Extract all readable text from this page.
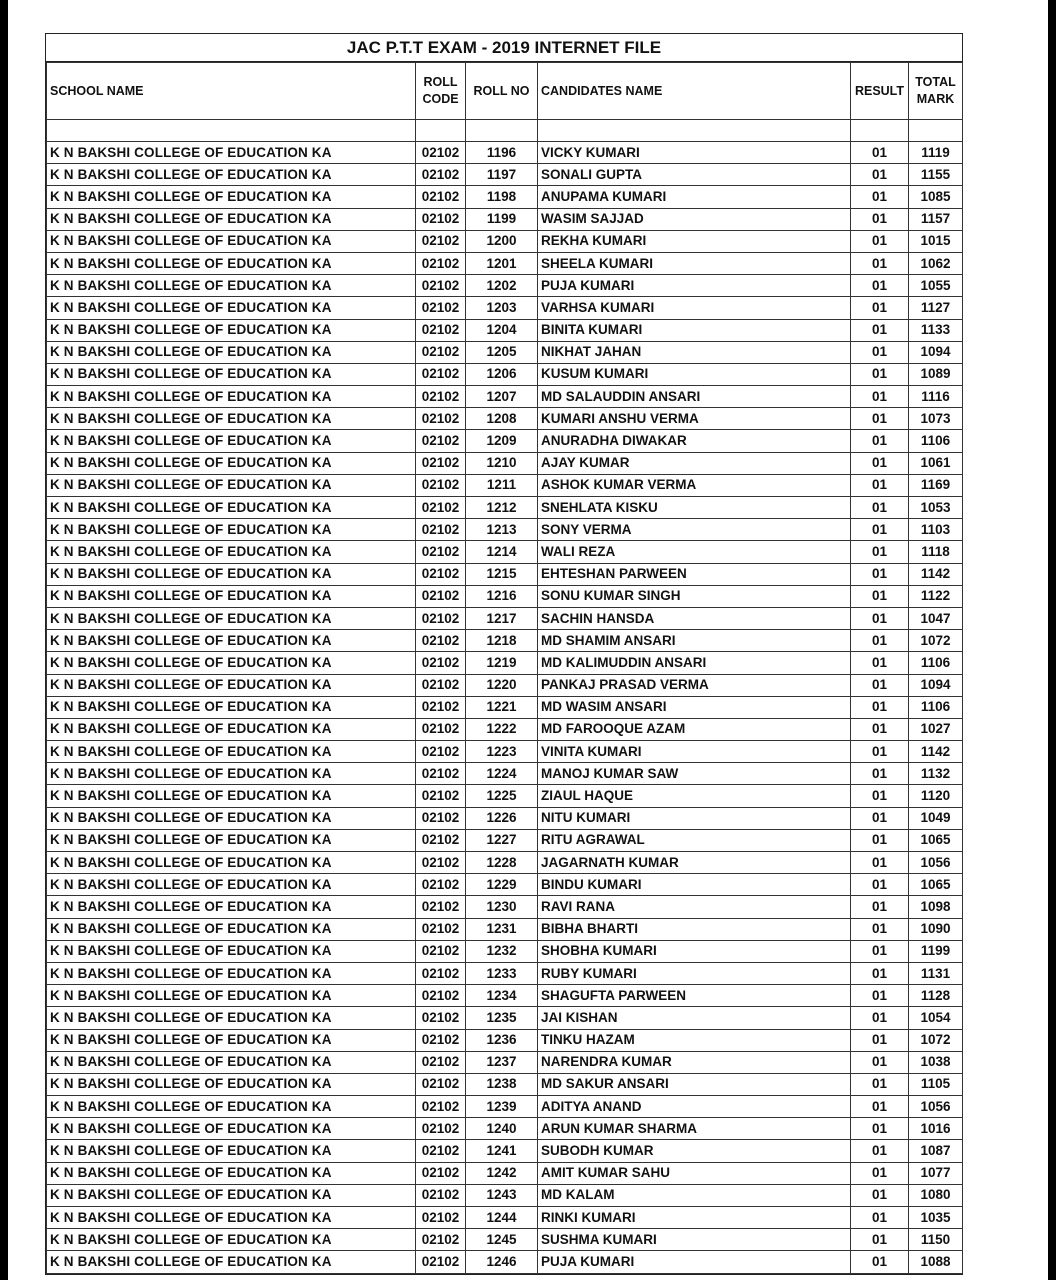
JAC P.T.T EXAM - 2019 INTERNET FILE
SCHOOL NAME	ROLL CODE	ROLL NO	CANDIDATES NAME	RESULT	TOTAL MARK

K N BAKSHI COLLEGE OF EDUCATION KA	02102	1196	VICKY KUMARI	01	1119
K N BAKSHI COLLEGE OF EDUCATION KA	02102	1197	SONALI GUPTA	01	1155
K N BAKSHI COLLEGE OF EDUCATION KA	02102	1198	ANUPAMA KUMARI	01	1085
K N BAKSHI COLLEGE OF EDUCATION KA	02102	1199	WASIM SAJJAD	01	1157
K N BAKSHI COLLEGE OF EDUCATION KA	02102	1200	REKHA KUMARI	01	1015
K N BAKSHI COLLEGE OF EDUCATION KA	02102	1201	SHEELA KUMARI	01	1062
K N BAKSHI COLLEGE OF EDUCATION KA	02102	1202	PUJA KUMARI	01	1055
K N BAKSHI COLLEGE OF EDUCATION KA	02102	1203	VARHSA KUMARI	01	1127
K N BAKSHI COLLEGE OF EDUCATION KA	02102	1204	BINITA KUMARI	01	1133
K N BAKSHI COLLEGE OF EDUCATION KA	02102	1205	NIKHAT JAHAN	01	1094
K N BAKSHI COLLEGE OF EDUCATION KA	02102	1206	KUSUM KUMARI	01	1089
K N BAKSHI COLLEGE OF EDUCATION KA	02102	1207	MD SALAUDDIN ANSARI	01	1116
K N BAKSHI COLLEGE OF EDUCATION KA	02102	1208	KUMARI ANSHU VERMA	01	1073
K N BAKSHI COLLEGE OF EDUCATION KA	02102	1209	ANURADHA DIWAKAR	01	1106
K N BAKSHI COLLEGE OF EDUCATION KA	02102	1210	AJAY KUMAR	01	1061
K N BAKSHI COLLEGE OF EDUCATION KA	02102	1211	ASHOK KUMAR VERMA	01	1169
K N BAKSHI COLLEGE OF EDUCATION KA	02102	1212	SNEHLATA KISKU	01	1053
K N BAKSHI COLLEGE OF EDUCATION KA	02102	1213	SONY VERMA	01	1103
K N BAKSHI COLLEGE OF EDUCATION KA	02102	1214	WALI REZA	01	1118
K N BAKSHI COLLEGE OF EDUCATION KA	02102	1215	EHTESHAN PARWEEN	01	1142
K N BAKSHI COLLEGE OF EDUCATION KA	02102	1216	SONU KUMAR SINGH	01	1122
K N BAKSHI COLLEGE OF EDUCATION KA	02102	1217	SACHIN HANSDA	01	1047
K N BAKSHI COLLEGE OF EDUCATION KA	02102	1218	MD SHAMIM ANSARI	01	1072
K N BAKSHI COLLEGE OF EDUCATION KA	02102	1219	MD KALIMUDDIN ANSARI	01	1106
K N BAKSHI COLLEGE OF EDUCATION KA	02102	1220	PANKAJ PRASAD VERMA	01	1094
K N BAKSHI COLLEGE OF EDUCATION KA	02102	1221	MD WASIM ANSARI	01	1106
K N BAKSHI COLLEGE OF EDUCATION KA	02102	1222	MD FAROOQUE AZAM	01	1027
K N BAKSHI COLLEGE OF EDUCATION KA	02102	1223	VINITA KUMARI	01	1142
K N BAKSHI COLLEGE OF EDUCATION KA	02102	1224	MANOJ KUMAR SAW	01	1132
K N BAKSHI COLLEGE OF EDUCATION KA	02102	1225	ZIAUL HAQUE	01	1120
K N BAKSHI COLLEGE OF EDUCATION KA	02102	1226	NITU KUMARI	01	1049
K N BAKSHI COLLEGE OF EDUCATION KA	02102	1227	RITU AGRAWAL	01	1065
K N BAKSHI COLLEGE OF EDUCATION KA	02102	1228	JAGARNATH KUMAR	01	1056
K N BAKSHI COLLEGE OF EDUCATION KA	02102	1229	BINDU KUMARI	01	1065
K N BAKSHI COLLEGE OF EDUCATION KA	02102	1230	RAVI RANA	01	1098
K N BAKSHI COLLEGE OF EDUCATION KA	02102	1231	BIBHA BHARTI	01	1090
K N BAKSHI COLLEGE OF EDUCATION KA	02102	1232	SHOBHA KUMARI	01	1199
K N BAKSHI COLLEGE OF EDUCATION KA	02102	1233	RUBY KUMARI	01	1131
K N BAKSHI COLLEGE OF EDUCATION KA	02102	1234	SHAGUFTA PARWEEN	01	1128
K N BAKSHI COLLEGE OF EDUCATION KA	02102	1235	JAI KISHAN	01	1054
K N BAKSHI COLLEGE OF EDUCATION KA	02102	1236	TINKU HAZAM	01	1072
K N BAKSHI COLLEGE OF EDUCATION KA	02102	1237	NARENDRA KUMAR	01	1038
K N BAKSHI COLLEGE OF EDUCATION KA	02102	1238	MD SAKUR ANSARI	01	1105
K N BAKSHI COLLEGE OF EDUCATION KA	02102	1239	ADITYA ANAND	01	1056
K N BAKSHI COLLEGE OF EDUCATION KA	02102	1240	ARUN KUMAR SHARMA	01	1016
K N BAKSHI COLLEGE OF EDUCATION KA	02102	1241	SUBODH KUMAR	01	1087
K N BAKSHI COLLEGE OF EDUCATION KA	02102	1242	AMIT KUMAR SAHU	01	1077
K N BAKSHI COLLEGE OF EDUCATION KA	02102	1243	MD KALAM	01	1080
K N BAKSHI COLLEGE OF EDUCATION KA	02102	1244	RINKI KUMARI	01	1035
K N BAKSHI COLLEGE OF EDUCATION KA	02102	1245	SUSHMA KUMARI	01	1150
K N BAKSHI COLLEGE OF EDUCATION KA	02102	1246	PUJA KUMARI	01	1088
